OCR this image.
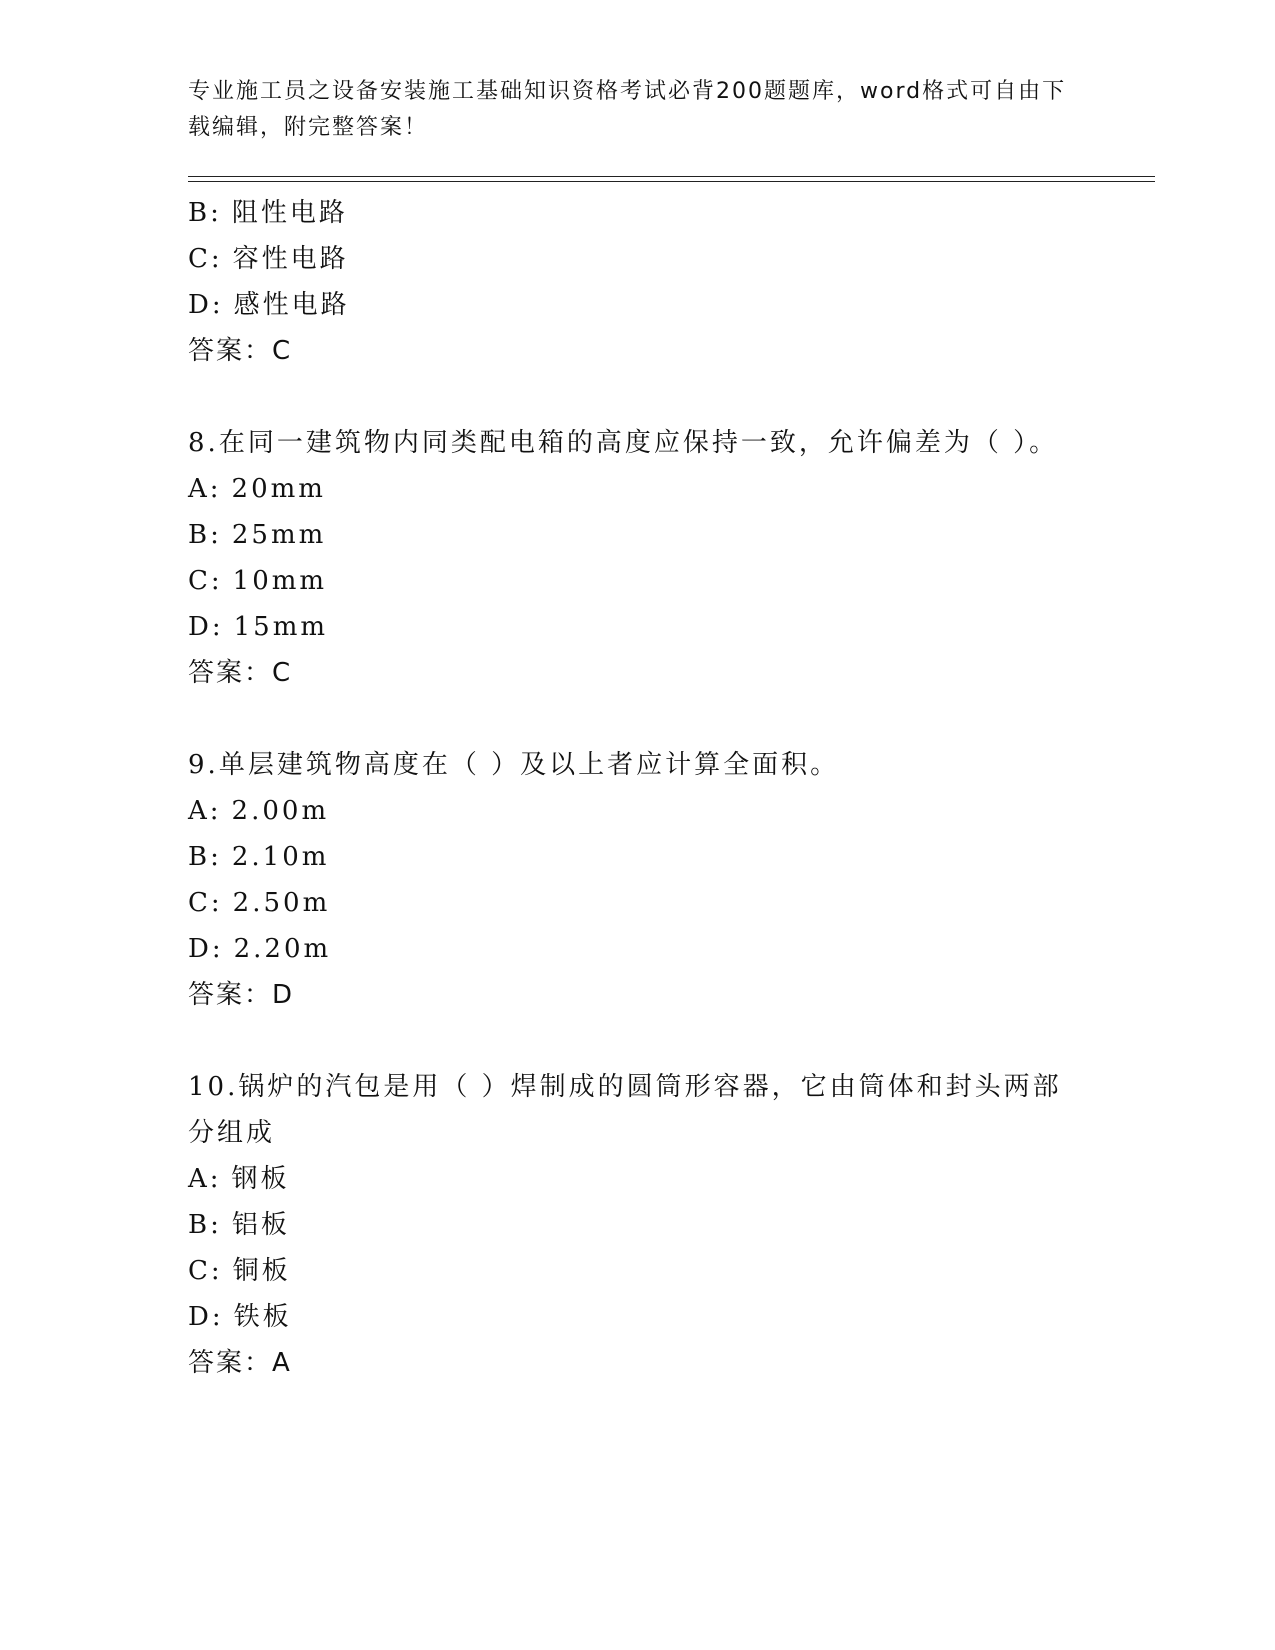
专业施工员之设备安装施工基础知识资格考试必背200题题库，word格式可自由下载编辑，附完整答案！
B: 阻性电路
C: 容性电路
D: 感性电路
答案：C
8.在同一建筑物内同类配电箱的高度应保持一致，允许偏差为（ ）。
A: 20mm
B: 25mm
C: 10mm
D: 15mm
答案：C
9.单层建筑物高度在（ ）及以上者应计算全面积。
A: 2.00m
B: 2.10m
C: 2.50m
D: 2.20m
答案：D
10.锅炉的汽包是用（ ）焊制成的圆筒形容器，它由筒体和封头两部分组成
A: 钢板
B: 铝板
C: 铜板
D: 铁板
答案：A
